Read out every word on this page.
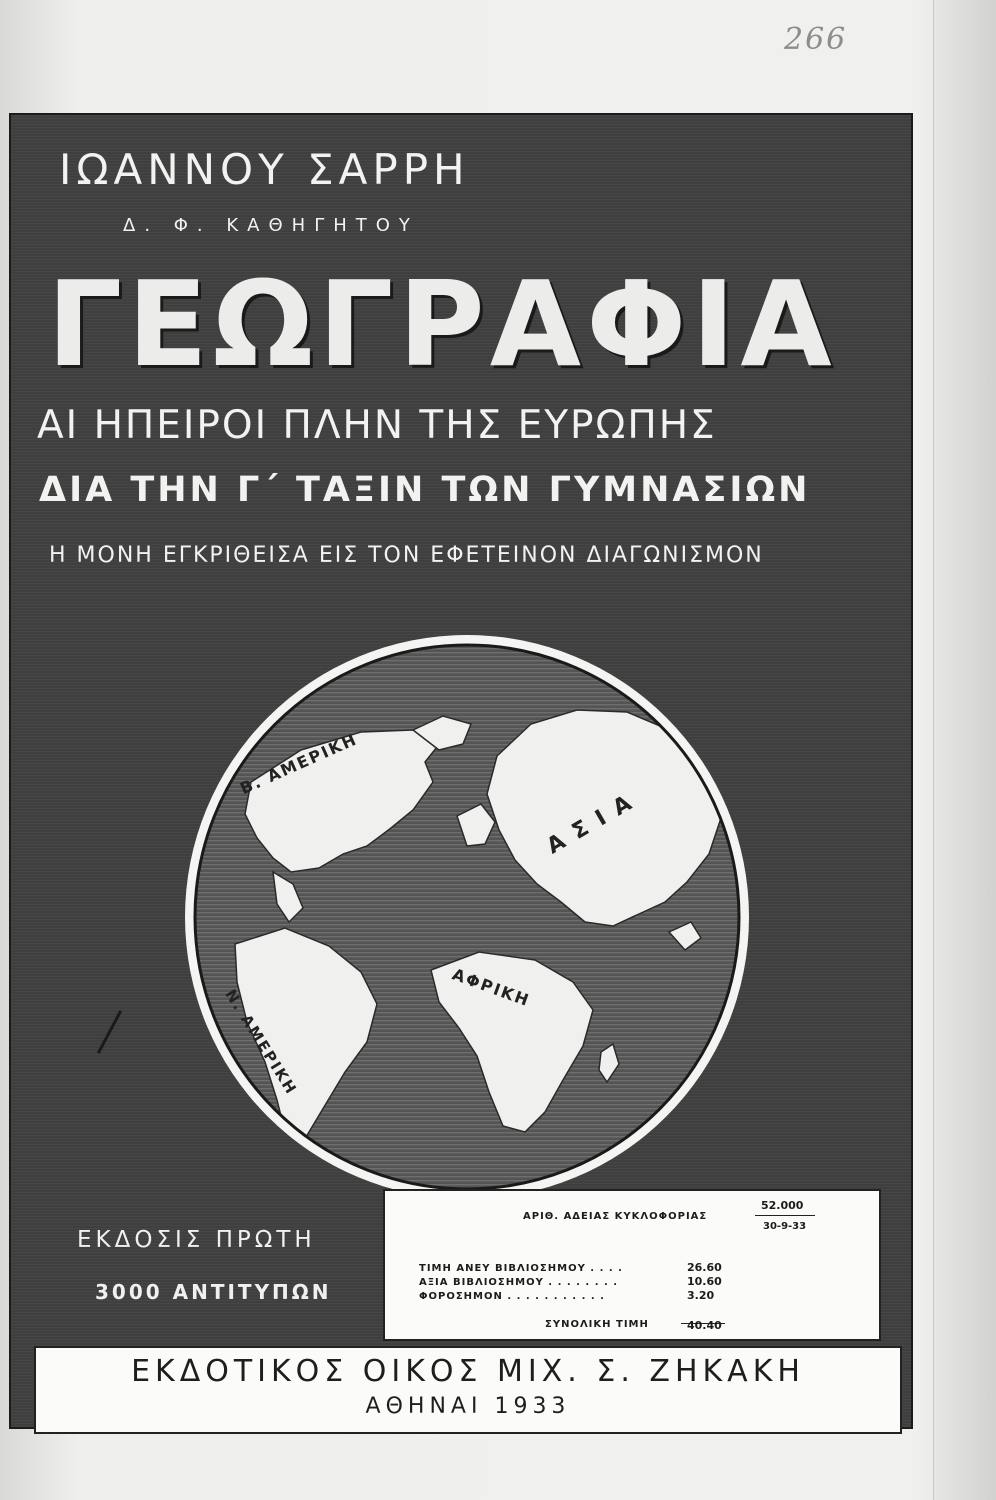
266
ΙΩΑΝΝΟΥ ΣΑΡΡΗ
Δ. Φ. ΚΑΘΗΓΗΤΟΥ
ΓΕΩΓΡΑΦΙΑ
ΑΙ ΗΠΕΙΡΟΙ ΠΛΗΝ ΤΗΣ ΕΥΡΩΠΗΣ
ΔΙΑ ΤΗΝ Γ΄ ΤΑΞΙΝ ΤΩΝ ΓΥΜΝΑΣΙΩΝ
Η ΜΟΝΗ ΕΓΚΡΙΘΕΙΣΑ ΕΙΣ ΤΟΝ ΕΦΕΤΕΙΝΟΝ ΔΙΑΓΩΝΙΣΜΟΝ
Β. ΑΜΕΡΙΚΗ
ΑΣΙΑ
ΑΦΡΙΚΗ
Ν. ΑΜΕΡΙΚΗ
ΕΚΔΟΣΙΣ ΠΡΩΤΗ
3000 ΑΝΤΙΤΥΠΩΝ
ΑΡΙΘ. ΑΔΕΙΑΣ ΚΥΚΛΟΦΟΡΙΑΣ
52.000
30-9-33
ΤΙΜΗ ΑΝΕΥ ΒΙΒΛΙΟΣΗΜΟΥ . . . .	26.60
ΑΞΙΑ ΒΙΒΛΙΟΣΗΜΟΥ . . . . . . . .	10.60
ΦΟΡΟΣΗΜΟΝ . . . . . . . . . . .	3.20
ΣΥΝΟΛΙΚΗ ΤΙΜΗ	40.40
ΕΚΔΟΤΙΚΟΣ ΟΙΚΟΣ ΜΙΧ. Σ. ΖΗΚΑΚΗ
ΑΘΗΝΑΙ 1933
